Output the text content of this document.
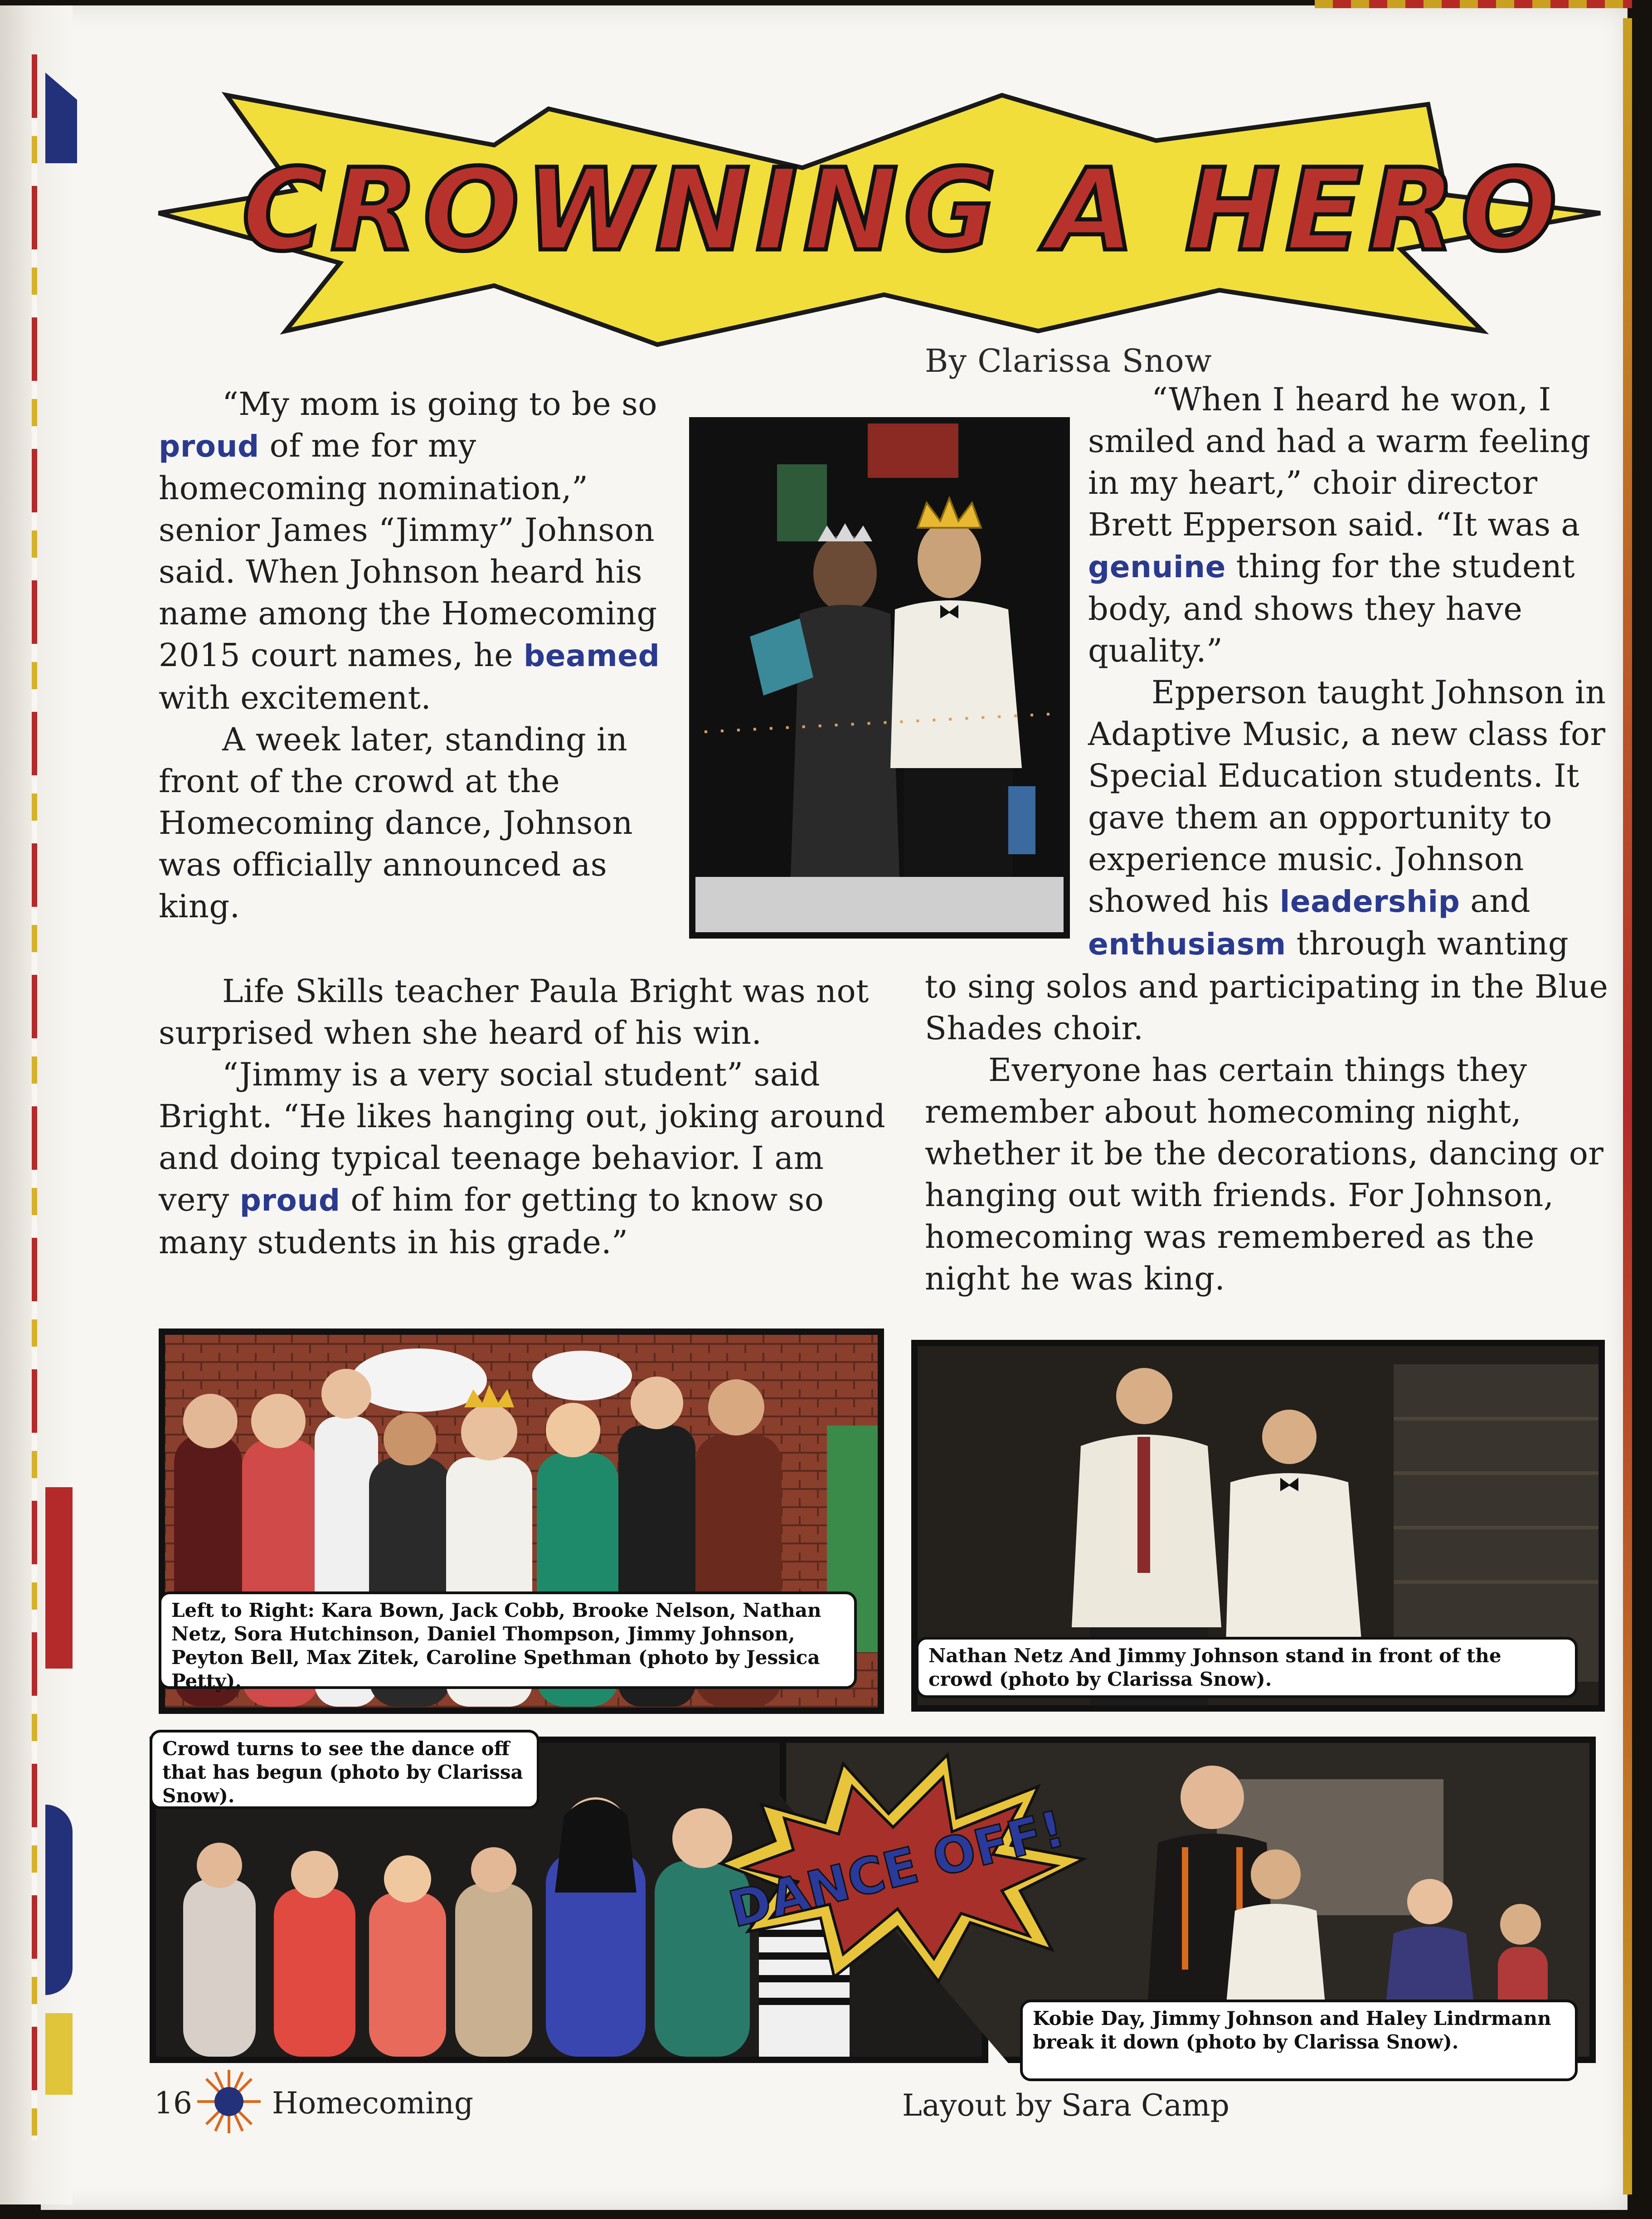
CROWNING A HERO
By Clarissa Snow

“My mom is going to be so proud of me for my homecoming nomination,” senior James “Jimmy” Johnson said. When Johnson heard his name among the Homecoming 2015 court names, he beamed with excitement.

A week later, standing in front of the crowd at the Homecoming dance, Johnson was officially announced as king.

“When I heard he won, I smiled and had a warm feeling in my heart,” choir director Brett Epperson said. “It was a genuine thing for the student body, and shows they have quality.”

Epperson taught Johnson in Adaptive Music, a new class for Special Education students. It gave them an opportunity to experience music. Johnson showed his leadership and enthusiasm through wanting

Life Skills teacher Paula Bright was not surprised when she heard of his win.

“Jimmy is a very social student” said Bright. “He likes hanging out, joking around and doing typical teenage behavior. I am very proud of him for getting to know so many students in his grade.”

to sing solos and participating in the Blue Shades choir.

Everyone has certain things they remember about homecoming night, whether it be the decorations, dancing or hanging out with friends. For Johnson, homecoming was remembered as the night he was king.

Left to Right: Kara Bown, Jack Cobb, Brooke Nelson, Nathan Netz, Sora Hutchinson, Daniel Thompson, Jimmy Johnson, Peyton Bell, Max Zitek, Caroline Spethman (photo by Jessica Petty).
Nathan Netz And Jimmy Johnson stand in front of the crowd (photo by Clarissa Snow).
DANCE OFF!
Crowd turns to see the dance off that has begun (photo by Clarissa Snow).
Kobie Day, Jimmy Johnson and Haley Lindrmann break it down (photo by Clarissa Snow).
16	Homecoming	Layout by Sara Camp
